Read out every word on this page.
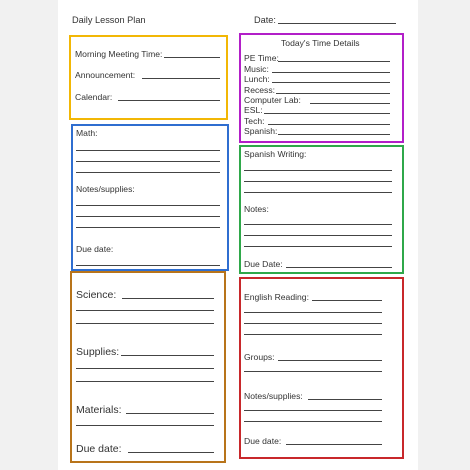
Daily Lesson Plan	Date:
Morning Meeting Time:
Announcement:
Calendar:
Today's Time Details
PE Time:
Music:
Lunch:
Recess:
Computer Lab:
ESL:
Tech:
Spanish:
Math:
Notes/supplies:
Due date:
Spanish Writing:
Notes:
Due Date:
Science:
Supplies:
Materials:
Due date:
English Reading:
Groups:
Notes/supplies:
Due date:
